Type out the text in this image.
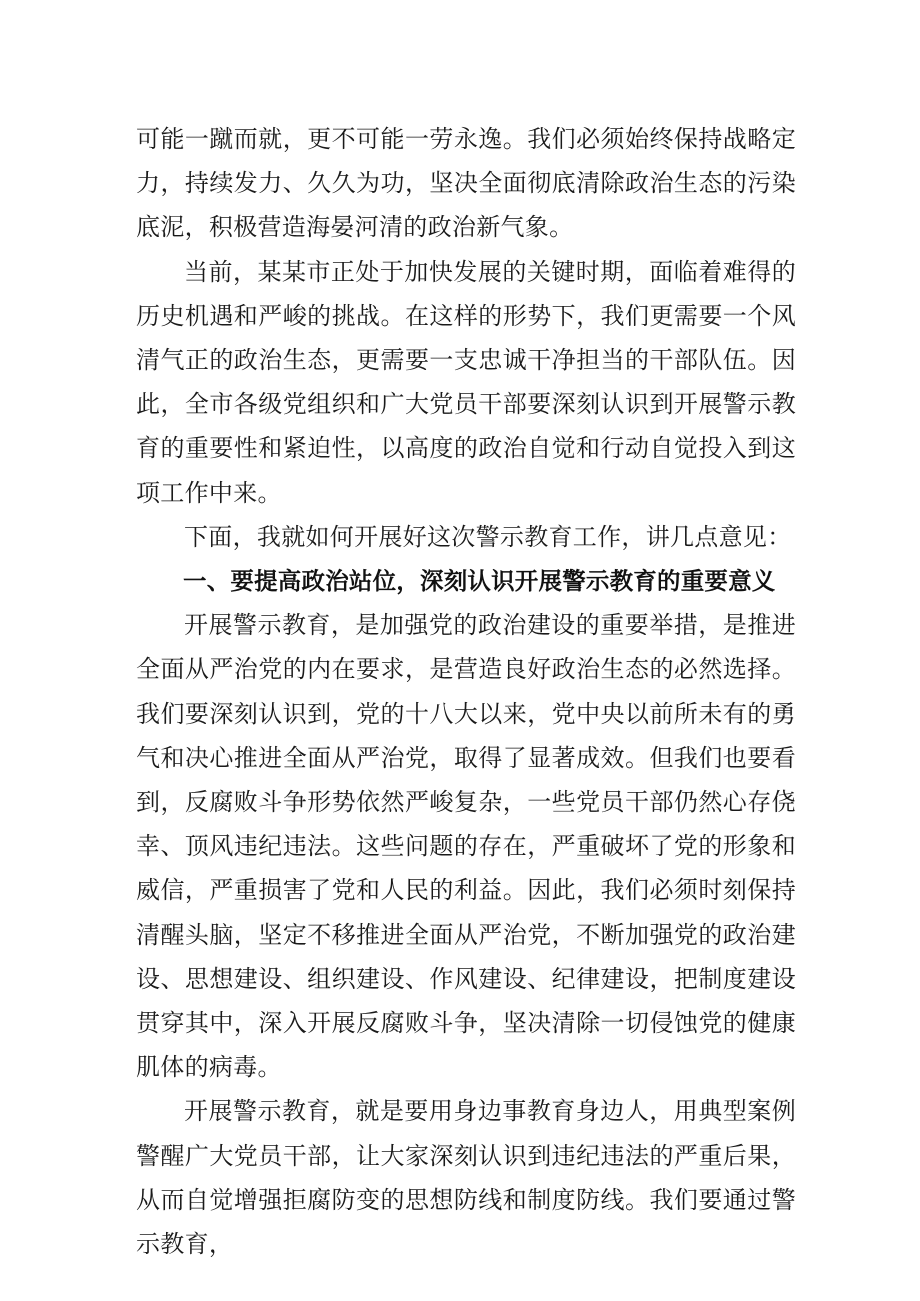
可能一蹴而就，更不可能一劳永逸。我们必须始终保持战略定力，持续发力、久久为功，坚决全面彻底清除政治生态的污染底泥，积极营造海晏河清的政治新气象。

当前，某某市正处于加快发展的关键时期，面临着难得的历史机遇和严峻的挑战。在这样的形势下，我们更需要一个风清气正的政治生态，更需要一支忠诚干净担当的干部队伍。因此，全市各级党组织和广大党员干部要深刻认识到开展警示教育的重要性和紧迫性，以高度的政治自觉和行动自觉投入到这项工作中来。

下面，我就如何开展好这次警示教育工作，讲几点意见：

一、要提高政治站位，深刻认识开展警示教育的重要意义

开展警示教育，是加强党的政治建设的重要举措，是推进全面从严治党的内在要求，是营造良好政治生态的必然选择。我们要深刻认识到，党的十八大以来，党中央以前所未有的勇气和决心推进全面从严治党，取得了显著成效。但我们也要看到，反腐败斗争形势依然严峻复杂，一些党员干部仍然心存侥幸、顶风违纪违法。这些问题的存在，严重破坏了党的形象和威信，严重损害了党和人民的利益。因此，我们必须时刻保持清醒头脑，坚定不移推进全面从严治党，不断加强党的政治建设、思想建设、组织建设、作风建设、纪律建设，把制度建设贯穿其中，深入开展反腐败斗争，坚决清除一切侵蚀党的健康肌体的病毒。

开展警示教育，就是要用身边事教育身边人，用典型案例警醒广大党员干部，让大家深刻认识到违纪违法的严重后果，从而自觉增强拒腐防变的思想防线和制度防线。我们要通过警示教育，
